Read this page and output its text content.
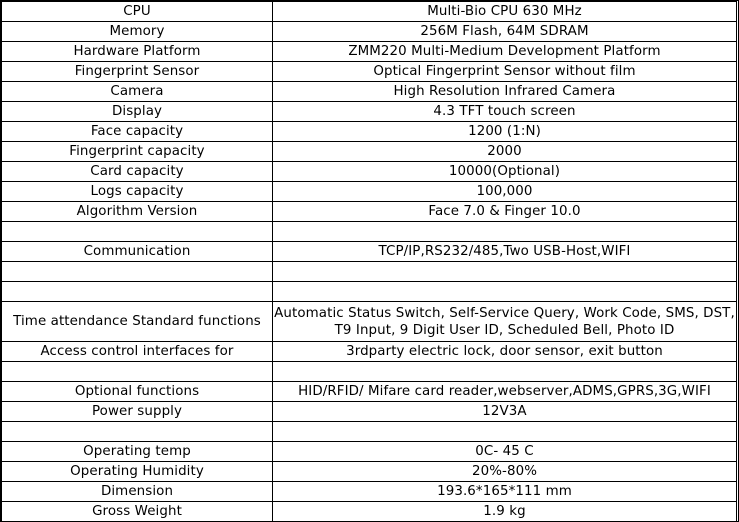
CPU	Multi-Bio CPU 630 MHz
Memory	256M Flash, 64M SDRAM
Hardware Platform	ZMM220 Multi-Medium Development Platform
Fingerprint Sensor	Optical Fingerprint Sensor without film
Camera	High Resolution Infrared Camera
Display	4.3 TFT touch screen
Face capacity	1200 (1:N)
Fingerprint capacity	2000
Card capacity	10000(Optional)
Logs capacity	100,000
Algorithm Version	Face 7.0 & Finger 10.0

Communication	TCP/IP,RS232/485,Two USB-Host,WIFI

Time attendance Standard functions	Automatic Status Switch, Self-Service Query, Work Code, SMS, DST, T9 Input, 9 Digit User ID, Scheduled Bell, Photo ID
Access control interfaces for	3rdparty electric lock, door sensor, exit button

Optional functions	HID/RFID/ Mifare card reader,webserver,ADMS,GPRS,3G,WIFI
Power supply	12V3A

Operating temp	0C- 45 C
Operating Humidity	20%-80%
Dimension	193.6*165*111 mm
Gross Weight	1.9 kg
